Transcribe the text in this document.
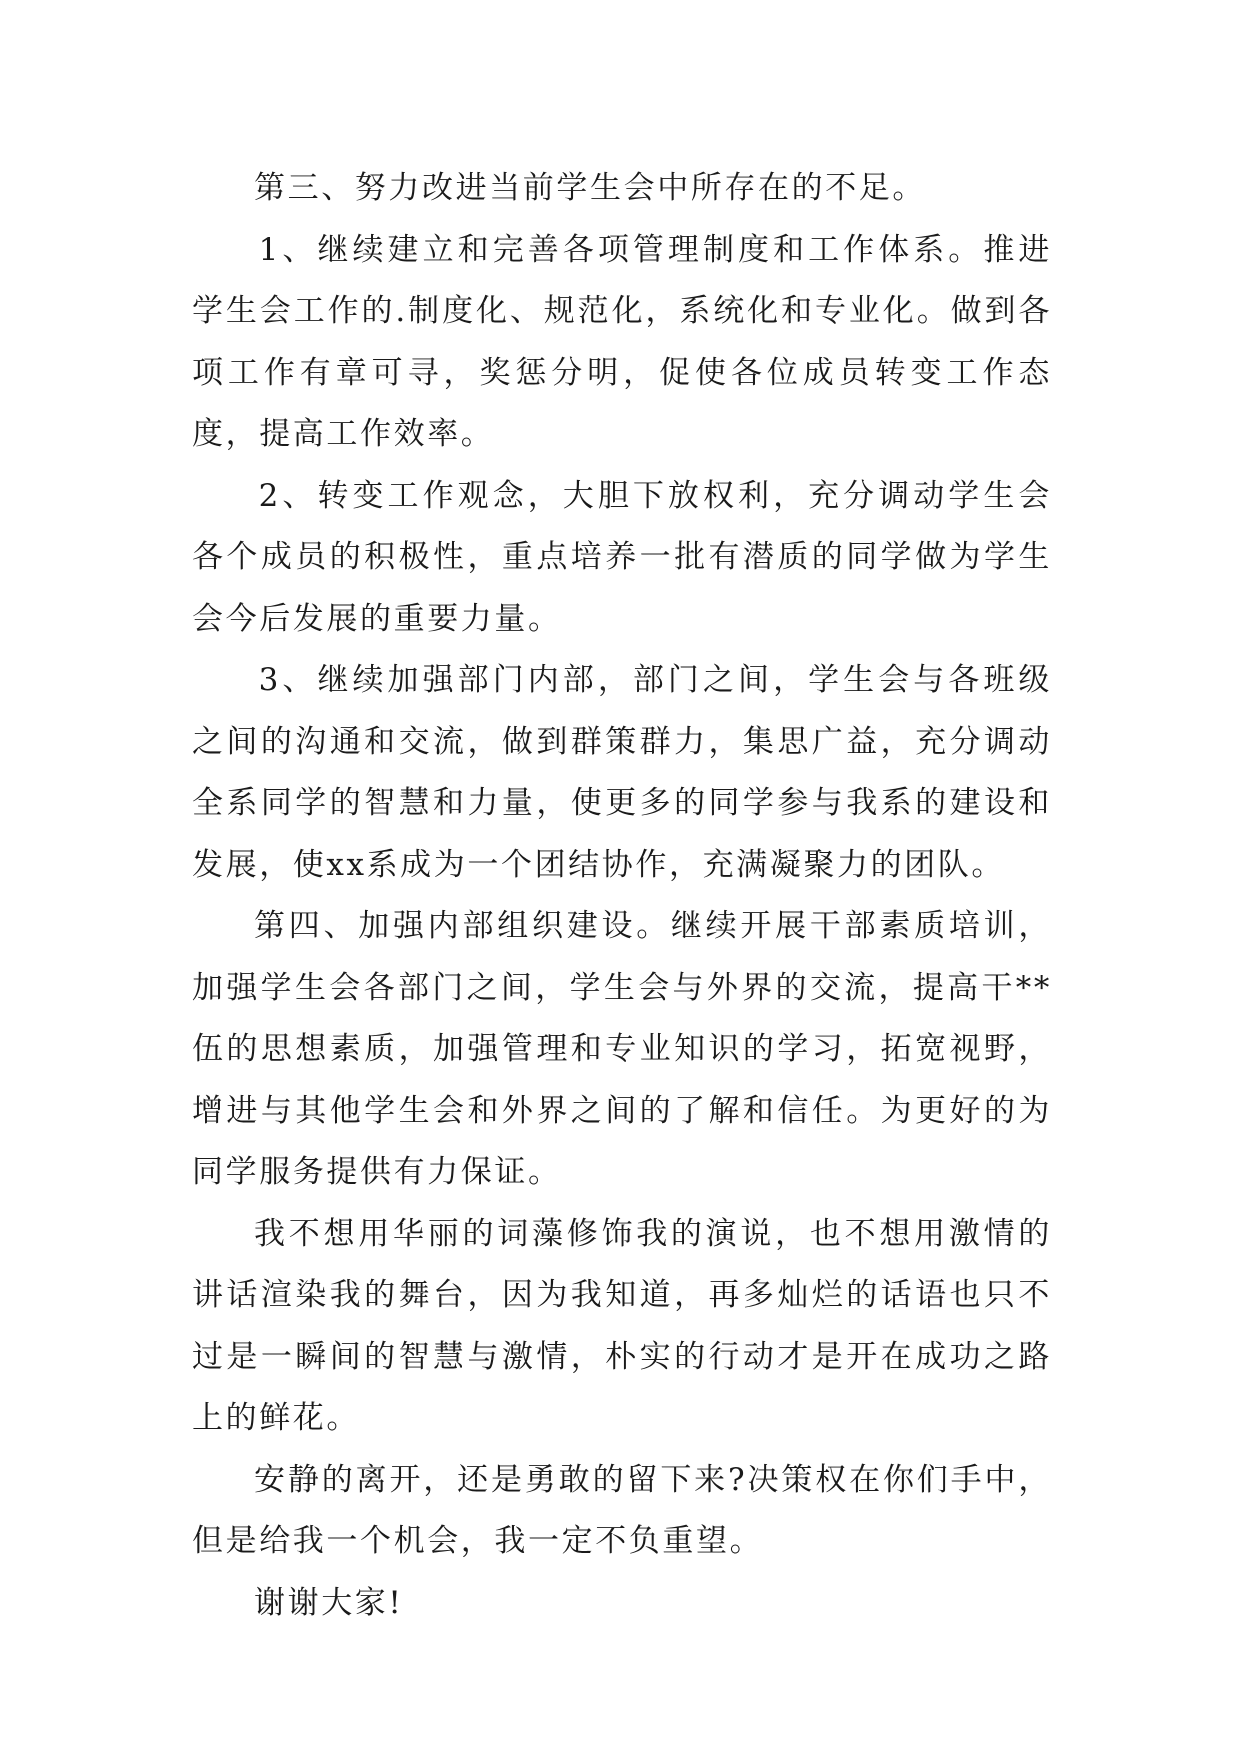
第三、努力改进当前学生会中所存在的不足。

1、继续建立和完善各项管理制度和工作体系。推进学生会工作的.制度化、规范化，系统化和专业化。做到各项工作有章可寻，奖惩分明，促使各位成员转变工作态度，提高工作效率。

2、转变工作观念，大胆下放权利，充分调动学生会各个成员的积极性，重点培养一批有潜质的同学做为学生会今后发展的重要力量。

3、继续加强部门内部，部门之间，学生会与各班级之间的沟通和交流，做到群策群力，集思广益，充分调动全系同学的智慧和力量，使更多的同学参与我系的建设和发展，使xx系成为一个团结协作，充满凝聚力的团队。

第四、加强内部组织建设。继续开展干部素质培训，加强学生会各部门之间，学生会与外界的交流，提高干**伍的思想素质，加强管理和专业知识的学习，拓宽视野，增进与其他学生会和外界之间的了解和信任。为更好的为同学服务提供有力保证。

我不想用华丽的词藻修饰我的演说，也不想用激情的讲话渲染我的舞台，因为我知道，再多灿烂的话语也只不过是一瞬间的智慧与激情，朴实的行动才是开在成功之路上的鲜花。

安静的离开，还是勇敢的留下来?决策权在你们手中，但是给我一个机会，我一定不负重望。

谢谢大家!
